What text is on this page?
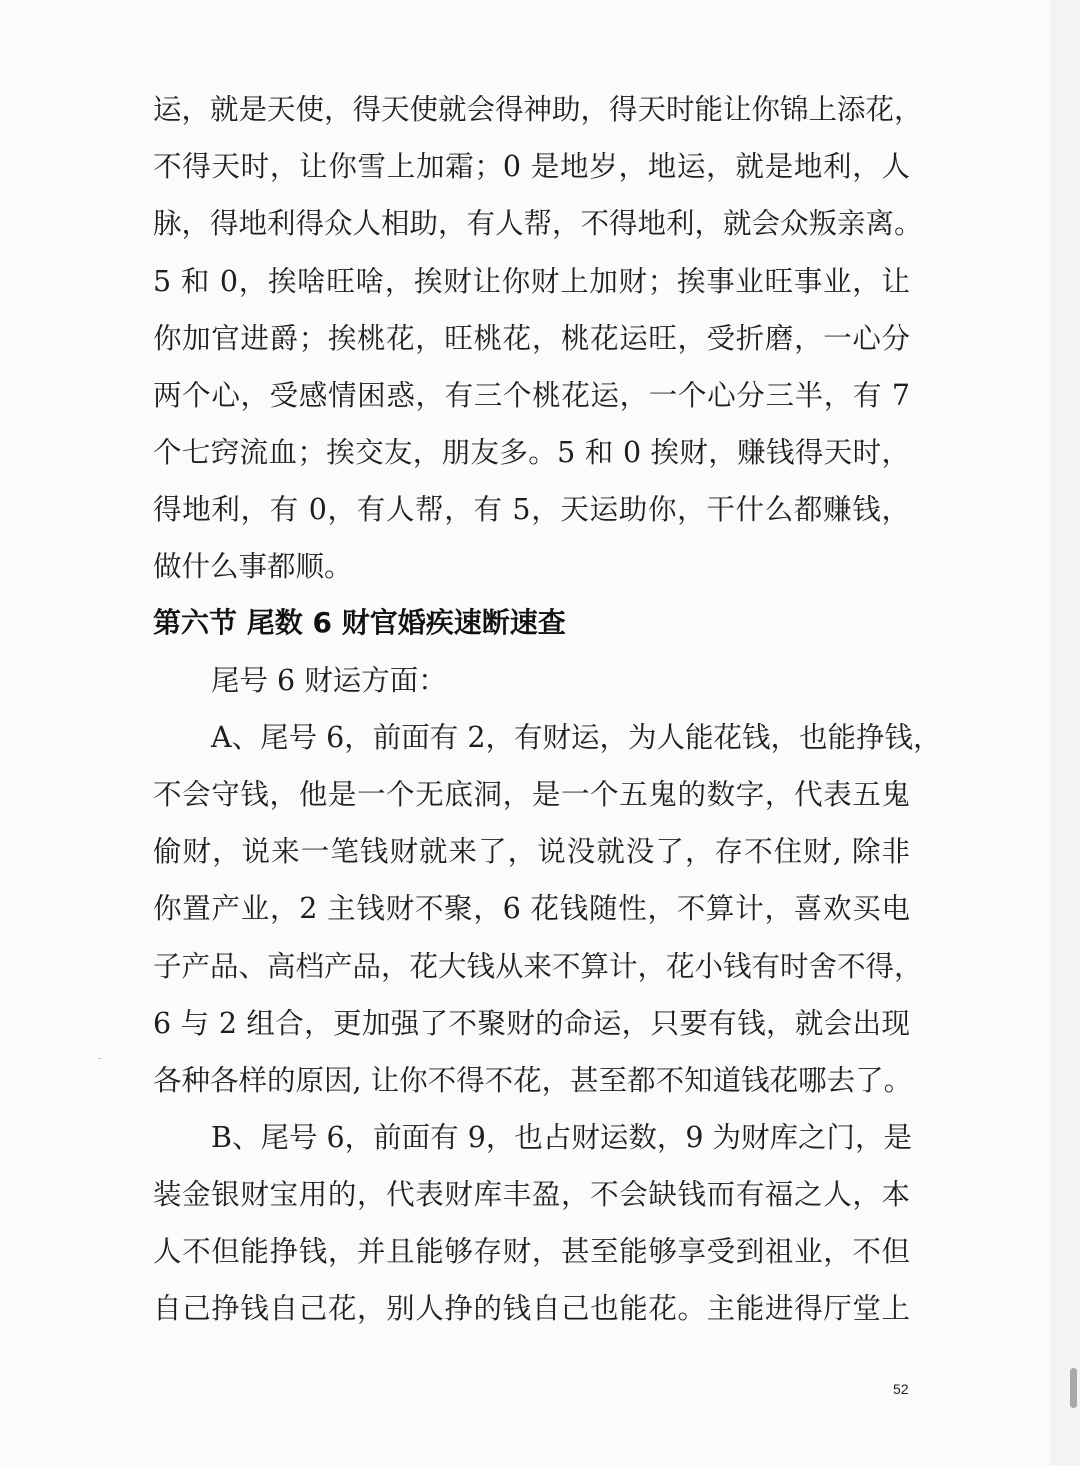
运，就是天使，得天使就会得神助，得天时能让你锦上添花，
不得天时，让你雪上加霜；0 是地岁，地运，就是地利，人
脉，得地利得众人相助，有人帮，不得地利，就会众叛亲离。
5 和 0，挨啥旺啥，挨财让你财上加财；挨事业旺事业，让
你加官进爵；挨桃花，旺桃花，桃花运旺，受折磨，一心分
两个心，受感情困惑，有三个桃花运，一个心分三半，有 7
个七窍流血；挨交友，朋友多。5 和 0 挨财，赚钱得天时，
得地利，有 0，有人帮，有 5，天运助你，干什么都赚钱，
做什么事都顺。
第六节 尾数 6 财官婚疾速断速查
尾号 6 财运方面：
A、尾号 6，前面有 2，有财运，为人能花钱，也能挣钱，
不会守钱，他是一个无底洞，是一个五鬼的数字，代表五鬼
偷财，说来一笔钱财就来了，说没就没了，存不住财, 除非
你置产业，2 主钱财不聚，6 花钱随性，不算计，喜欢买电
子产品、高档产品，花大钱从来不算计，花小钱有时舍不得，
6 与 2 组合，更加强了不聚财的命运，只要有钱，就会出现
各种各样的原因, 让你不得不花，甚至都不知道钱花哪去了。
B、尾号 6，前面有 9，也占财运数，9 为财库之门，是
装金银财宝用的，代表财库丰盈，不会缺钱而有福之人，本
人不但能挣钱，并且能够存财，甚至能够享受到祖业，不但
自己挣钱自己花，别人挣的钱自己也能花。主能进得厅堂上
52
